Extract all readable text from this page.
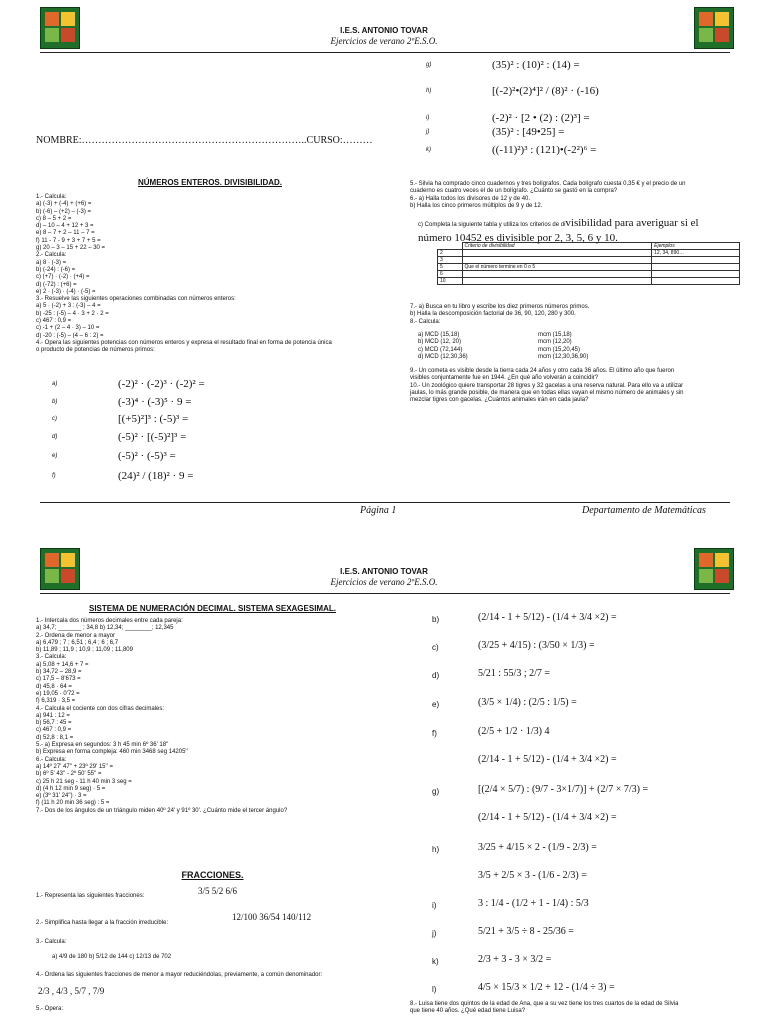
I.E.S. ANTONIO TOVAR
Ejercicios de verano 2ºE.S.O.
NOMBRE:…………………………………………………………..CURSO:………
g)	(35)² : (10)² : (14) =
h)	[(-2)²•(2)⁴]² / (8)² · (-16)
i)	(-2)² · [2 • (2) : (2)³] =
j)	(35)² : [49•25] =
k)	((-11)²)³ : (121)•(-2²)⁶ =
NÚMEROS ENTEROS. DIVISIBILIDAD.
1.- Calcula:
a) (-3) + (-4) + (+6) =
b) (-6) – (+2) – (-3) =
c) 8 – 5 + 2 =
d) – 10 – 4 + 12 + 3 =
e) 8 – 7 + 2 – 11 – 7 =
f) 11 - 7 - 9 + 3 + 7 + 5 =
g) 20 – 3 – 15 + 22 – 30 =
2.- Calcula:
a) 8 · (-3) =
b) (-24) : (-6) =
c) (+7) · (-2) · (+4) =
d) (-72) : (+6) =
e) 2 · (-3) · (-4) · (-5) =
3.- Resuelve las siguientes operaciones combinadas con números enteros:
a) 5 · (-2) + 3 : (-3) – 4 =
b) -25 : (-5) – 4 · 3 + 2 · 2 =
c) 467 : 0,9 =
c) -1 + (2 – 4 · 3) – 10 =
d) -20 : (-5) – (4 – 6 : 2) =
4.- Opera las siguientes potencias con números enteros y expresa el resultado final en forma de potencia única
o producto de potencias de números primos:
a)	(-2)² · (-2)³ · (-2)² =
b)	(-3)⁴ · (-3)⁵ · 9 =
c)	[(+5)²]³ : (-5)³ =
d)	(-5)² · [(-5)²]³ =
e)	(-5)² · (-5)³ =
f)	(24)² / (18)² · 9 =
5.- Silvia ha comprado cinco cuadernos y tres bolígrafos. Cada bolígrafo cuesta 0,35 € y el precio de un
cuaderno es cuatro veces el de un bolígrafo. ¿Cuánto se gastó en la compra?
6.- a) Halla todos los divisores de 12 y de 40.
b) Halla los cinco primeros múltiplos de 9 y de 12.
c) Completa la siguiente tabla y utiliza los criterios de divisibilidad para averiguar si el
número 10452 es divisible por 2, 3, 5, 6 y 10.
	Criterio de divisibilidad	Ejemplos
2		12, 34, 890…
3		
5	Que el número termine en 0 o 5	
6		
10		
7.- a) Busca en tu libro y escribe los diez primeros números primos.
b) Halla la descomposición factorial de 36, 90, 120, 280 y 300.
8.- Calcula:
a) MCD (15,18)	mcm (15,18)
b) MCD (12, 20)	mcm (12,20)
c) MCD (72,144)	mcm (15,20,45)
d) MCD (12,30,36)	mcm (12,30,36,90)
9.- Un cometa es visible desde la tierra cada 24 años y otro cada 36 años. El último año que fueron
visibles conjuntamente fue en 1944. ¿En qué año volverán a coincidir?
10.- Un zoológico quiere transportar 28 tigres y 32 gacelas a una reserva natural. Para ello va a utilizar
jaulas, lo más grande posible, de manera que en todas ellas vayan el mismo número de animales y sin
mezclar tigres con gacelas. ¿Cuántos animales irán en cada jaula?
Página 1	Departamento de Matemáticas
I.E.S. ANTONIO TOVAR
Ejercicios de verano 2ºE.S.O.
SISTEMA DE NUMERACIÓN DECIMAL. SISTEMA SEXAGESIMAL.
1.- Intercala dos números decimales entre cada pareja:
a) 34,7; _______ ; 34,8 b) 12,34; ________; 12,345
2.- Ordena de menor a mayor
a) 6,479 ; 7 ; 6,51 ; 6,4 ; 6 ; 6,7
b) 11,89 ; 11,9 ; 10,9 ; 11,09 ; 11,809
3.- Calcula:
a) 5,08 + 14,6 + 7 =
b) 34,72 – 28,9 =
c) 17,5 – 8'673 =
d) 45,8 · 64 =
e) 19,05 · 0'72 =
f) 6,319 · 3,5 =
4.- Calcula el cociente con dos cifras decimales:
a) 941 : 12 =
b) 56,7 : 45 =
c) 467 : 0,9 =
d) 52,8 : 8,1 =
5.- a) Expresa en segundos: 3 h 45 min 6º 36' 18''
b) Expresa en forma compleja: 460 min 3468 seg 14205''
6.- Calcula:
a) 14º 27' 47'' + 23º 29' 15'' =
b) 6º 5' 43'' - 2º 50' 55'' =
c) 25 h 21 seg - 11 h 40 min 3 seg =
d) (4 h 12 min 9 seg) · 5 =
e) (3º 31' 24'') · 3 =
f) (11 h 20 min 36 seg) : 5 =
7.- Dos de los ángulos de un triángulo miden 40º 24' y 91º 30'. ¿Cuánto mide el tercer ángulo?
FRACCIONES.
1.- Representa las siguientes fracciones:	3/5 5/2 6/6
2.- Simplifica hasta llegar a la fracción irreducible:
12/100 36/54 140/112
3.- Calcula:
a) 4/9 de 180 b) 5/12 de 144 c) 12/13 de 702
4.- Ordena las siguientes fracciones de menor a mayor reduciéndolas, previamente, a común denominador:
2/3 , 4/3 , 5/7 , 7/9
5.- Opera:
b)	(2/14 - 1 + 5/12) - (1/4 + 3/4 ×2) =
c)	(3/25 + 4/15) : (3/50 × 1/3) =
d)	5/21 : 55/3 ; 2/7 =
e)	(3/5 × 1/4) : (2/5 : 1/5) =
f)	(2/5 + 1/2 · 1/3) 4
(2/14 - 1 + 5/12) - (1/4 + 3/4 ×2) =
g)	[(2/4 × 5/7) : (9/7 - 3×1/7)] + (2/7 × 7/3) =
(2/14 - 1 + 5/12) - (1/4 + 3/4 ×2) =
h)	3/25 + 4/15 × 2 - (1/9 - 2/3) =
3/5 + 2/5 × 3 - (1/6 - 2/3) =
i)	3 : 1/4 - (1/2 + 1 - 1/4) : 5/3
j)	5/21 + 3/5 ÷ 8 - 25/36 =
k)	2/3 + 3 - 3 × 3/2 =
l)	4/5 × 15/3 × 1/2 + 12 - (1/4 ÷ 3) =
8.- Luisa tiene dos quintos de la edad de Ana, que a su vez tiene los tres cuartos de la edad de Silvia
que tiene 40 años. ¿Qué edad tiene Luisa?
